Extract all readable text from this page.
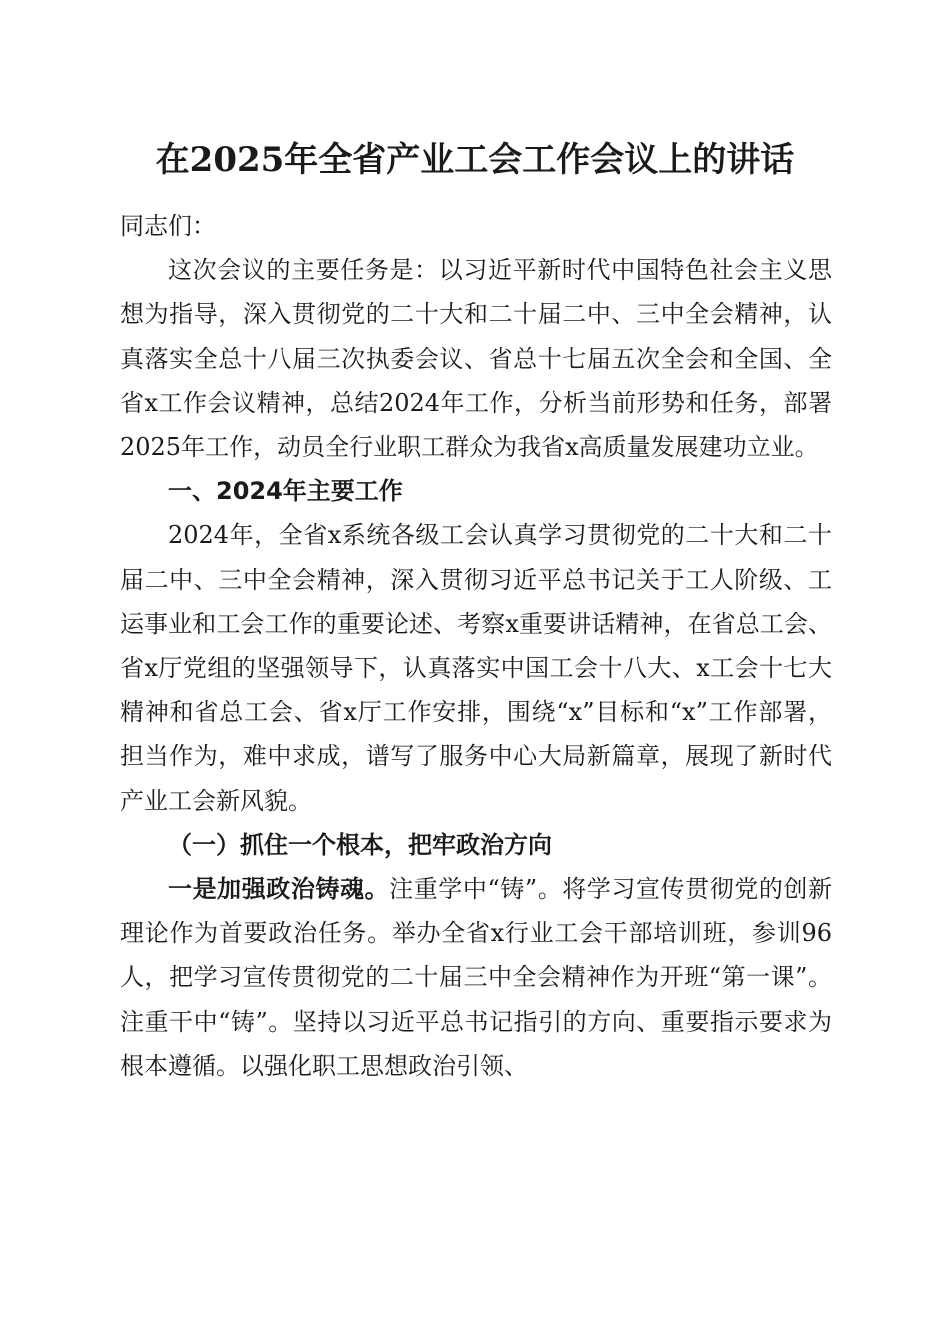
在2025年全省产业工会工作会议上的讲话

同志们：

这次会议的主要任务是：以习近平新时代中国特色社会主义思想为指导，深入贯彻党的二十大和二十届二中、三中全会精神，认真落实全总十八届三次执委会议、省总十七届五次全会和全国、全省x工作会议精神，总结2024年工作，分析当前形势和任务，部署2025年工作，动员全行业职工群众为我省x高质量发展建功立业。

一、2024年主要工作

2024年，全省x系统各级工会认真学习贯彻党的二十大和二十届二中、三中全会精神，深入贯彻习近平总书记关于工人阶级、工运事业和工会工作的重要论述、考察x重要讲话精神，在省总工会、省x厅党组的坚强领导下，认真落实中国工会十八大、x工会十七大精神和省总工会、省x厅工作安排，围绕“x”目标和“x”工作部署，担当作为，难中求成，谱写了服务中心大局新篇章，展现了新时代产业工会新风貌。

（一）抓住一个根本，把牢政治方向

一是加强政治铸魂。注重学中“铸”。将学习宣传贯彻党的创新理论作为首要政治任务。举办全省x行业工会干部培训班，参训96人，把学习宣传贯彻党的二十届三中全会精神作为开班“第一课”。注重干中“铸”。坚持以习近平总书记指引的方向、重要指示要求为根本遵循。以强化职工思想政治引领、
